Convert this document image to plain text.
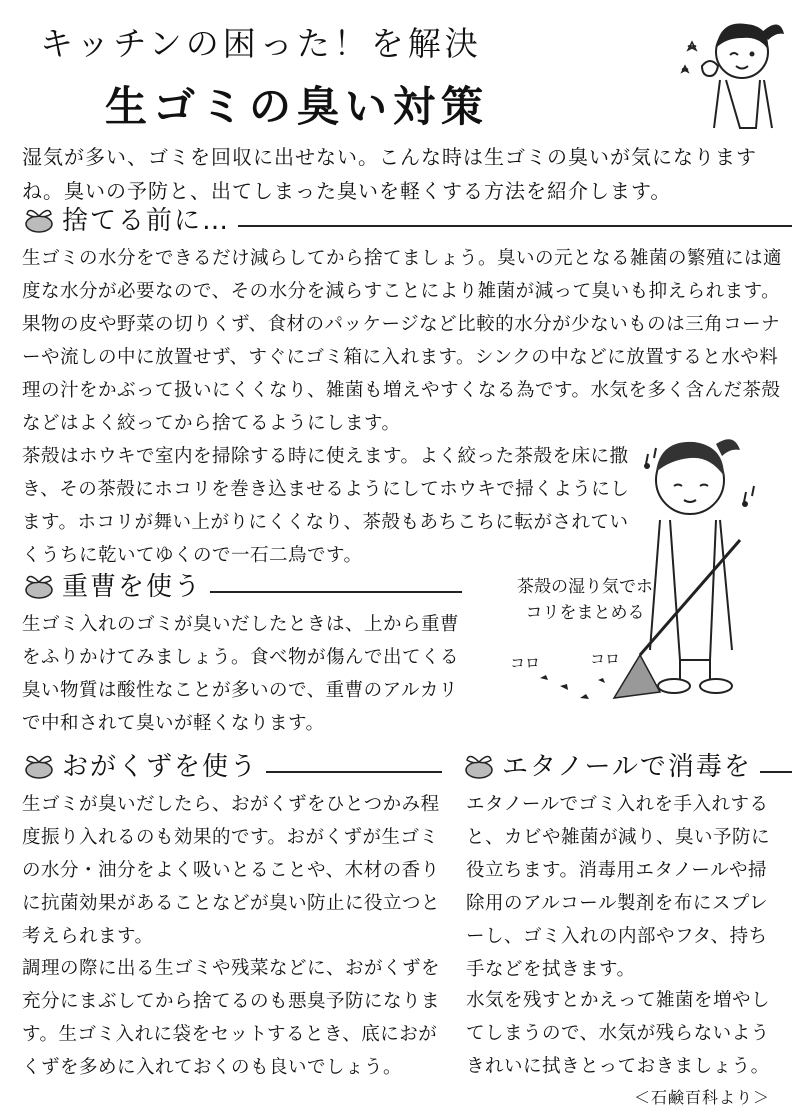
キッチンの困った！を解決
生ゴミの臭い対策
湿気が多い、ゴミを回収に出せない。こんな時は生ゴミの臭いが気になりますね。臭いの予防と、出てしまった臭いを軽くする方法を紹介します。
捨てる前に…
生ゴミの水分をできるだけ減らしてから捨てましょう。臭いの元となる雑菌の繁殖には適度な水分が必要なので、その水分を減らすことにより雑菌が減って臭いも抑えられます。果物の皮や野菜の切りくず、食材のパッケージなど比較的水分が少ないものは三角コーナーや流しの中に放置せず、すぐにゴミ箱に入れます。シンクの中などに放置すると水や料理の汁をかぶって扱いにくくなり、雑菌も増えやすくなる為です。水気を多く含んだ茶殻などはよく絞ってから捨てるようにします。
茶殻はホウキで室内を掃除する時に使えます。よく絞った茶殻を床に撒き、その茶殻にホコリを巻き込ませるようにしてホウキで掃くようにします。ホコリが舞い上がりにくくなり、茶殻もあちこちに転がされていくうちに乾いてゆくので一石二鳥です。
コロ	コロ
茶殻の湿り気でホコリをまとめる
重曹を使う
生ゴミ入れのゴミが臭いだしたときは、上から重曹をふりかけてみましょう。食べ物が傷んで出てくる臭い物質は酸性なことが多いので、重曹のアルカリで中和されて臭いが軽くなります。
おがくずを使う
生ゴミが臭いだしたら、おがくずをひとつかみ程度振り入れるのも効果的です。おがくずが生ゴミの水分・油分をよく吸いとることや、木材の香りに抗菌効果があることなどが臭い防止に役立つと考えられます。
調理の際に出る生ゴミや残菜などに、おがくずを充分にまぶしてから捨てるのも悪臭予防になります。生ゴミ入れに袋をセットするとき、底におがくずを多めに入れておくのも良いでしょう。
エタノールで消毒を
エタノールでゴミ入れを手入れすると、カビや雑菌が減り、臭い予防に役立ちます。消毒用エタノールや掃除用のアルコール製剤を布にスプレーし、ゴミ入れの内部やフタ、持ち手などを拭きます。
水気を残すとかえって雑菌を増やしてしまうので、水気が残らないようきれいに拭きとっておきましょう。
＜石鹸百科より＞
